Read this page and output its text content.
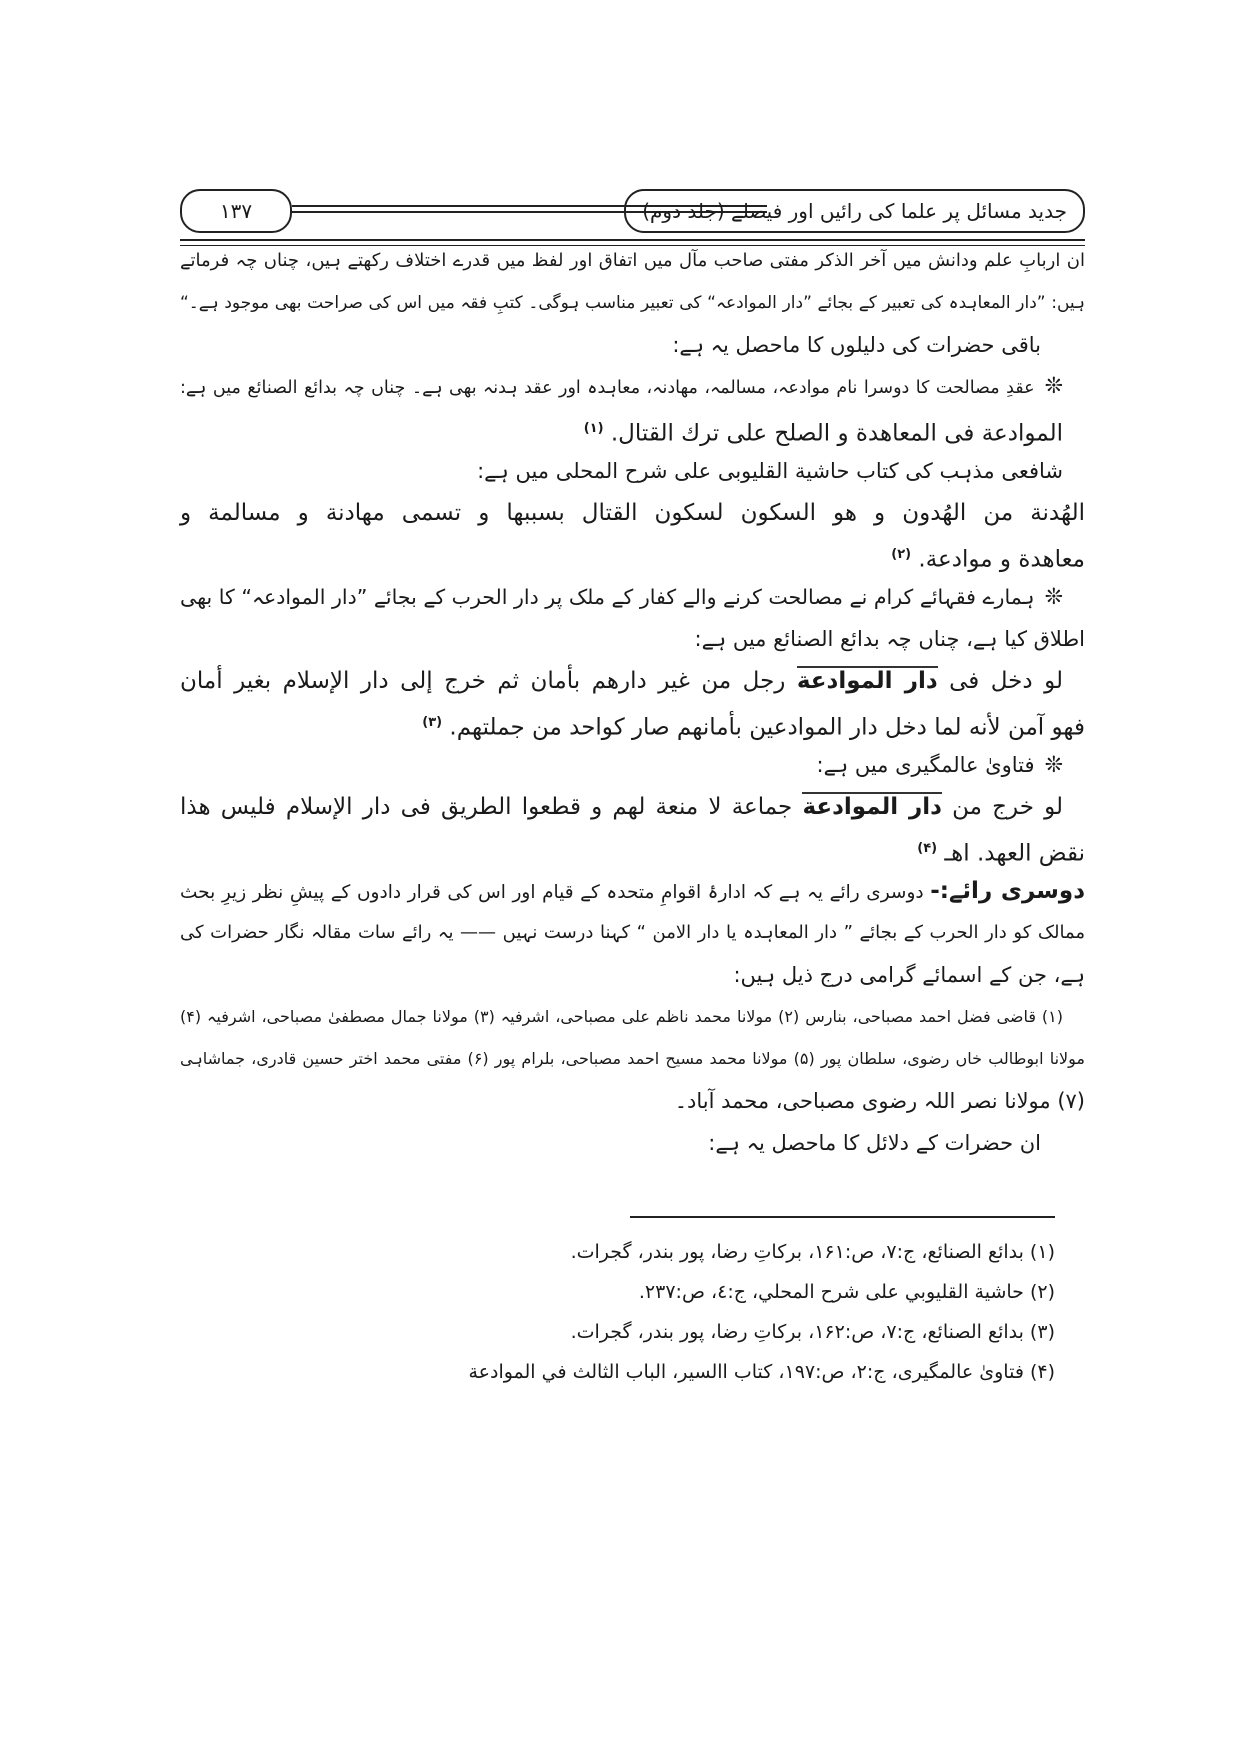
۱۳۷	جدید مسائل پر علما کی رائیں اور فیصلے (جلد دوم)
ان اربابِ علم ودانش میں آخر الذکر مفتی صاحب مآل میں اتفاق اور لفظ میں قدرے اختلاف رکھتے ہیں، چناں چہ فرماتے
ہیں: ”دار المعاہدہ کی تعبیر کے بجائے ”دار الموادعہ“ کی تعبیر مناسب ہوگی۔ کتبِ فقہ میں اس کی صراحت بھی موجود ہے۔“
باقی حضرات کی دلیلوں کا ماحصل یہ ہے:
❊عقدِ مصالحت کا دوسرا نام موادعہ، مسالمہ، مھادنہ، معاہدہ اور عقد ہدنہ بھی ہے۔ چناں چہ بدائع الصنائع میں ہے:
الموادعة فی المعاهدة و الصلح على ترك القتال. $^{(۱)}$
شافعی مذہب کی کتاب حاشیة القلیوبی علی شرح المحلی میں ہے:
الهُدنة من الهُدون و هو السكون لسكون القتال بسببها و تسمى مهادنة و مسالمة و
معاهدة و موادعة. $^{(۲)}$
❊ہمارے فقہائے کرام نے مصالحت کرنے والے کفار کے ملک پر دار الحرب کے بجائے ”دار الموادعہ“ کا بھی
اطلاق کیا ہے، چناں چہ بدائع الصنائع میں ہے:
لو دخل فی دار الموادعة رجل من غير دارهم بأمان ثم خرج إلى دار الإسلام بغير أمان
فهو آمن لأنه لما دخل دار الموادعين بأمانهم صار كواحد من جملتهم. $^{(۳)}$
❊فتاویٰ عالمگیری میں ہے:
لو خرج من دار الموادعة جماعة لا منعة لهم و قطعوا الطريق فی دار الإسلام فليس هذا
نقض العهد. اهـ $^{(۴)}$
دوسری رائے:- دوسری رائے یہ ہے کہ ادارۂ اقوامِ متحدہ کے قیام اور اس کی قرار دادوں کے پیشِ نظر زیرِ بحث
ممالک کو دار الحرب کے بجائے ” دار المعاہدہ یا دار الامن “ کہنا درست نہیں —— یہ رائے سات مقالہ نگار حضرات کی
ہے، جن کے اسمائے گرامی درج ذیل ہیں:
(۱) قاضی فضل احمد مصباحی، بنارس (۲) مولانا محمد ناظم علی مصباحی، اشرفیہ (۳) مولانا جمال مصطفیٰ مصباحی، اشرفیہ (۴)
مولانا ابوطالب خاں رضوی، سلطان پور (۵) مولانا محمد مسیح احمد مصباحی، بلرام پور (۶) مفتی محمد اختر حسین قادری، جماشاہی
(۷) مولانا نصر اللہ رضوی مصباحی، محمد آباد۔
ان حضرات کے دلائل کا ماحصل یہ ہے:
(۱) بدائع الصنائع، ج:۷، ص:۱۶۱، برکاتِ رضا، پور بندر، گجرات.
(۲) حاشية القليوبي على شرح المحلي، ج:٤، ص:۲۳۷.
(۳) بدائع الصنائع، ج:۷، ص:۱۶۲، برکاتِ رضا، پور بندر، گجرات.
(۴) فتاویٰ عالمگیری، ج:۲، ص:۱۹۷، کتاب االسیر، الباب الثالث في الموادعة
